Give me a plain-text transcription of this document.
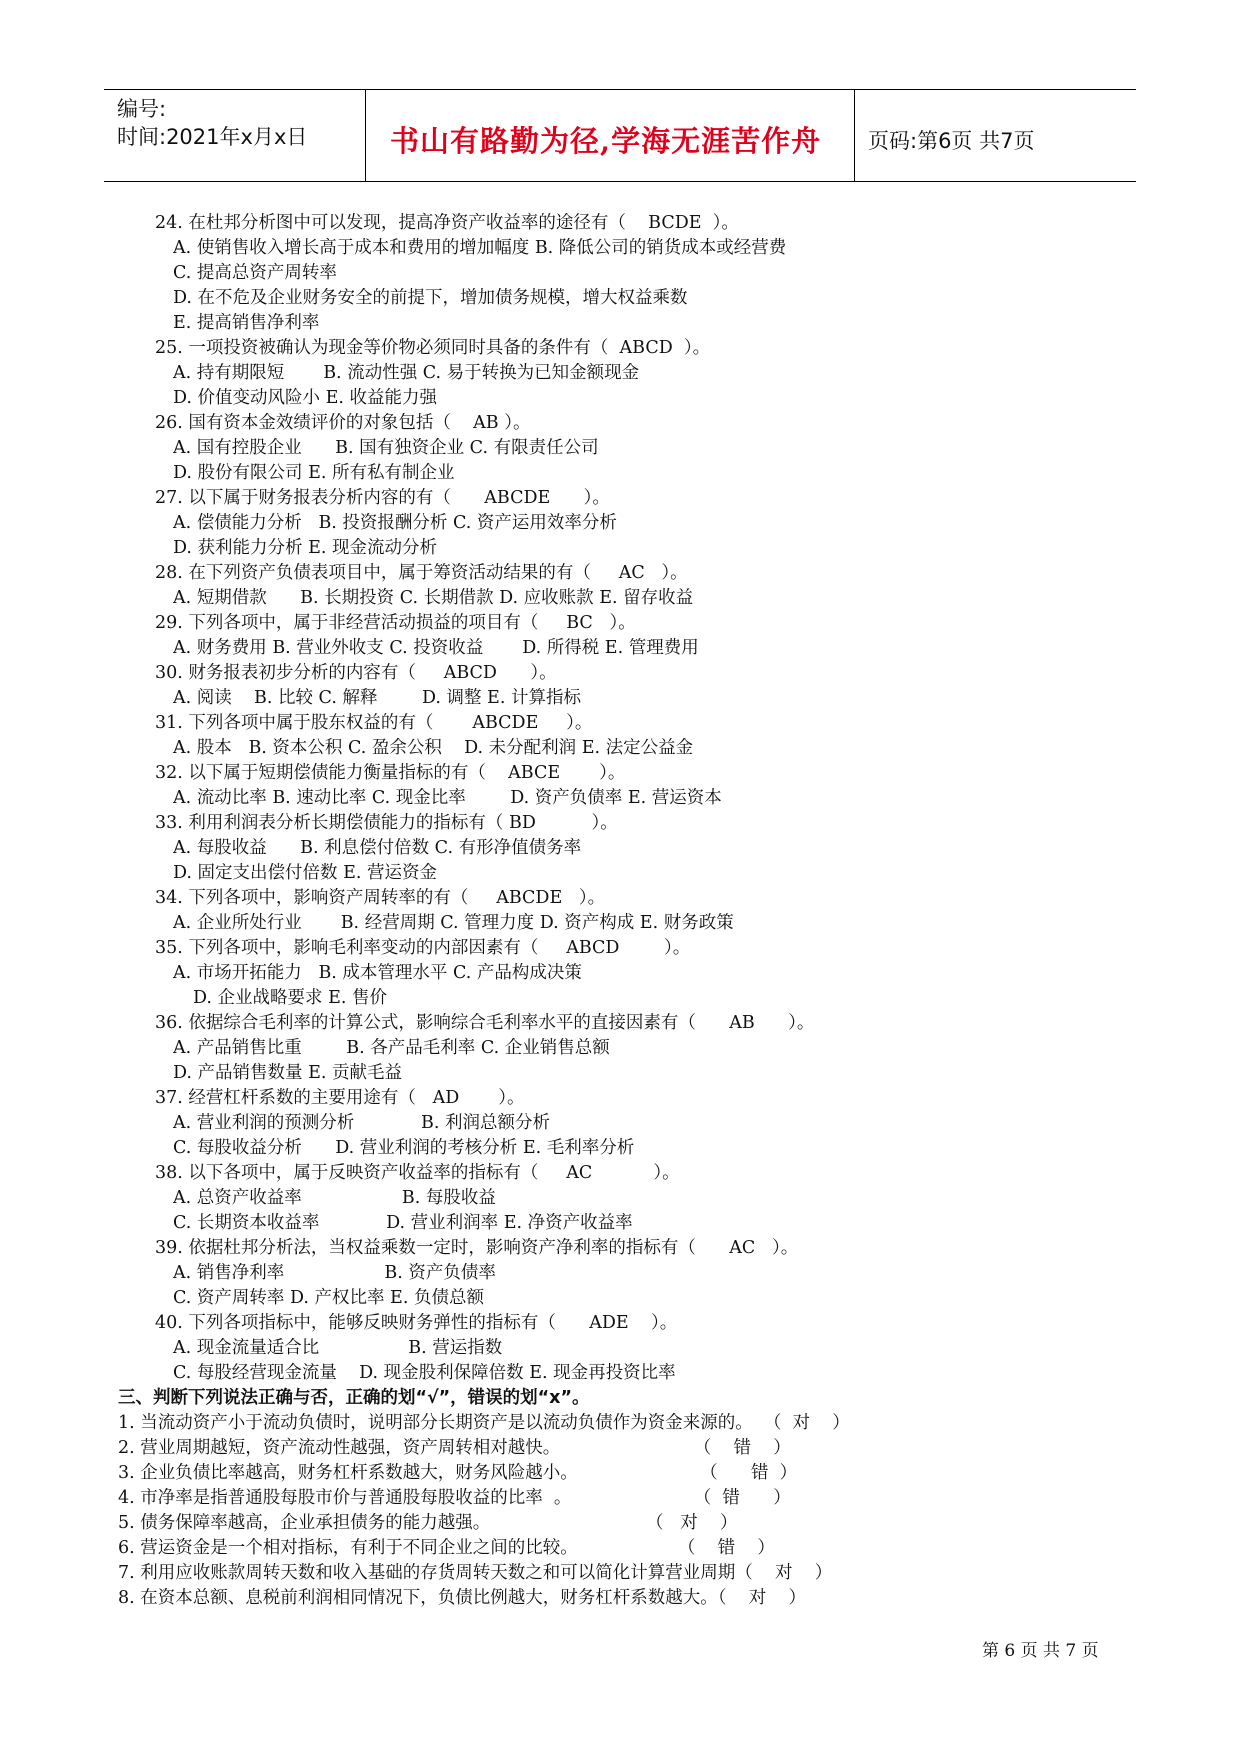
编号:
时间:2021年x月x日	书山有路勤为径,学海无涯苦作舟 页码:第6页 共7页
24. 在杜邦分析图中可以发现，提高净资产收益率的途径有（    BCDE  ）。
A. 使销售收入增长高于成本和费用的增加幅度 B. 降低公司的销货成本或经营费
C. 提高总资产周转率
D. 在不危及企业财务安全的前提下，增加债务规模，增大权益乘数
E. 提高销售净利率
25. 一项投资被确认为现金等价物必须同时具备的条件有（  ABCD  ）。
A. 持有期限短       B. 流动性强 C. 易于转换为已知金额现金
D. 价值变动风险小 E. 收益能力强
26. 国有资本金效绩评价的对象包括（    AB ）。
A. 国有控股企业      B. 国有独资企业 C. 有限责任公司
D. 股份有限公司 E. 所有私有制企业
27. 以下属于财务报表分析内容的有（      ABCDE      ）。
A. 偿债能力分析   B. 投资报酬分析 C. 资产运用效率分析
D. 获利能力分析 E. 现金流动分析
28. 在下列资产负债表项目中，属于筹资活动结果的有（     AC   ）。
A. 短期借款      B. 长期投资 C. 长期借款 D. 应收账款 E. 留存收益
29. 下列各项中，属于非经营活动损益的项目有（     BC   ）。
A. 财务费用 B. 营业外收支 C. 投资收益       D. 所得税 E. 管理费用
30. 财务报表初步分析的内容有（     ABCD      ）。
A. 阅读    B. 比较 C. 解释        D. 调整 E. 计算指标
31. 下列各项中属于股东权益的有（       ABCDE     ）。
A. 股本   B. 资本公积 C. 盈余公积    D. 未分配利润 E. 法定公益金
32. 以下属于短期偿债能力衡量指标的有（    ABCE       ）。
A. 流动比率 B. 速动比率 C. 现金比率        D. 资产负债率 E. 营运资本
33. 利用利润表分析长期偿债能力的指标有（ BD          ）。
A. 每股收益      B. 利息偿付倍数 C. 有形净值债务率
D. 固定支出偿付倍数 E. 营运资金
34. 下列各项中，影响资产周转率的有（     ABCDE   ）。
A. 企业所处行业       B. 经营周期 C. 管理力度 D. 资产构成 E. 财务政策
35. 下列各项中，影响毛利率变动的内部因素有（     ABCD        ）。
A. 市场开拓能力   B. 成本管理水平 C. 产品构成决策
D. 企业战略要求 E. 售价
36. 依据综合毛利率的计算公式，影响综合毛利率水平的直接因素有（      AB      ）。
A. 产品销售比重        B. 各产品毛利率 C. 企业销售总额
D. 产品销售数量 E. 贡献毛益
37. 经营杠杆系数的主要用途有（   AD       ）。
A. 营业利润的预测分析            B. 利润总额分析
C. 每股收益分析      D. 营业利润的考核分析 E. 毛利率分析
38. 以下各项中，属于反映资产收益率的指标有（     AC           ）。
A. 总资产收益率                  B. 每股收益
C. 长期资本收益率            D. 营业利润率 E. 净资产收益率
39. 依据杜邦分析法，当权益乘数一定时，影响资产净利率的指标有（      AC   ）。
A. 销售净利率                  B. 资产负债率
C. 资产周转率 D. 产权比率 E. 负债总额
40. 下列各项指标中，能够反映财务弹性的指标有（      ADE    ）。
A. 现金流量适合比                B. 营运指数
C. 每股经营现金流量    D. 现金股利保障倍数 E. 现金再投资比率
三、判断下列说法正确与否，正确的划“√”，错误的划“x”。
1. 当流动资产小于流动负债时，说明部分长期资产是以流动负债作为资金来源的。  （  对    ）
2. 营业周期越短，资产流动性越强，资产周转相对越快。                        （    错    ）
3. 企业负债比率越高，财务杠杆系数越大，财务风险越小。                      （      错  ）
4. 市净率是指普通股每股市价与普通股每股收益的比率  。                      （  错      ）
5. 债务保障率越高，企业承担债务的能力越强。                            （   对    ）
6. 营运资金是一个相对指标，有利于不同企业之间的比较。                  （    错    ）
7. 利用应收账款周转天数和收入基础的存货周转天数之和可以简化计算营业周期（    对    ）
8. 在资本总额、息税前利润相同情况下，负债比例越大，财务杠杆系数越大。（    对    ）
第 6 页 共 7 页
